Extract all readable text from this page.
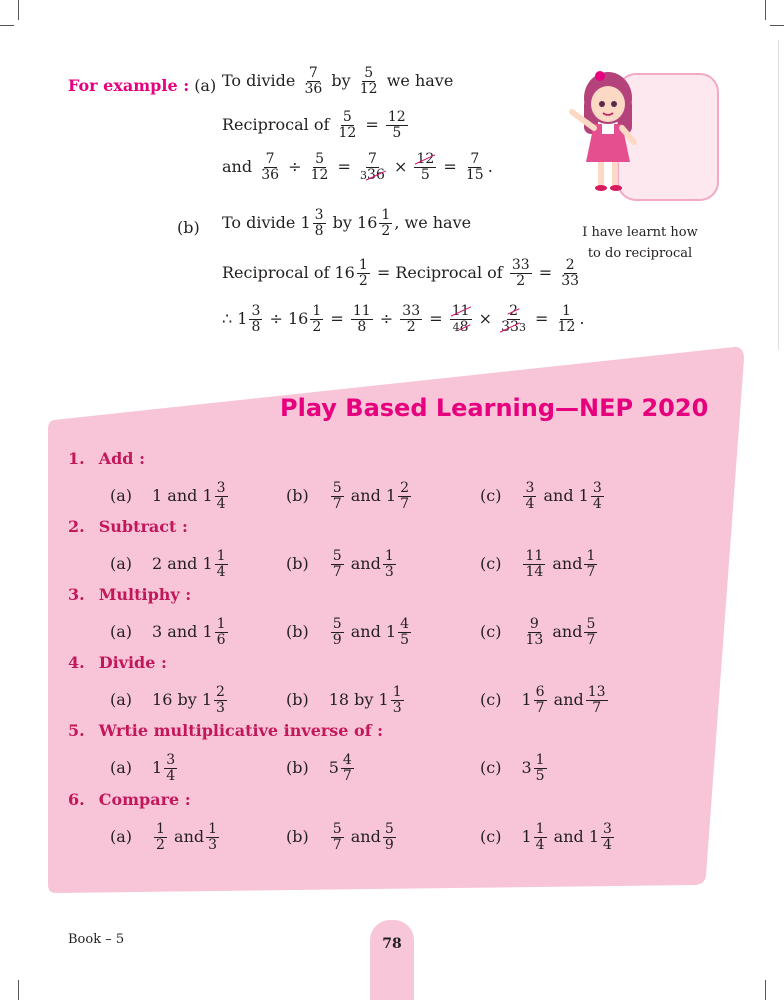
For example : (a) To divide $\frac{7}{36}$ by $\frac{5}{12}$ we have
Reciprocal of $\frac{5}{12} = \frac{12}{5}$
and $\frac{7}{36} \div \frac{5}{12} = \frac{7}{336} \times \frac{12}{5} = \frac{7}{15}$ .
(b) To divide $1 \frac{3}{8}$ by $16 \frac{1}{2}$ , we have
Reciprocal of $16 \frac{1}{2}$ = Reciprocal of $\frac{33}{2} = \frac{2}{33}$
∴ $1 \frac{3}{8} \div 16 \frac{1}{2} = \frac{11}{8} \div \frac{33}{2} = \frac{11}{48} \times \frac{2}{333} = \frac{1}{12}$ .
I have learnt how
to do reciprocal
Play Based Learning—NEP 2020
1. Add :
(a) 1 and $1 \frac{3}{4}$	$(b) \frac{5}{7}$ and $1 \frac{2}{7}$	$(c) \frac{3}{4}$ and $1 \frac{3}{4}$
2. Subtract :
(a) 2 and $1 \frac{1}{4}$	$(b) \frac{5}{7}$ and $\frac{1}{3}$	$(c) \frac{11}{14}$ and $\frac{1}{7}$
3. Multiphy :
(a) 3 and $1 \frac{1}{6}$	$(b) \frac{5}{9}$ and $1 \frac{4}{5}$	$(c) \frac{9}{13}$ and $\frac{5}{7}$
4. Divide :
(a) 16 by $1 \frac{2}{3}$	(b) 18 by $1 \frac{1}{3}$	(c) $1 \frac{6}{7}$ and $\frac{13}{7}$
5. Wrtie multiplicative inverse of :
(a) $1 \frac{3}{4}$	(b) $5 \frac{4}{7}$	(c) $3 \frac{1}{5}$
6. Compare :
$(a) \frac{1}{2}$ and $\frac{1}{3}$	$(b) \frac{5}{7}$ and $\frac{5}{9}$	(c) $1 \frac{1}{4}$ and $1 \frac{3}{4}$
Book – 5	78
